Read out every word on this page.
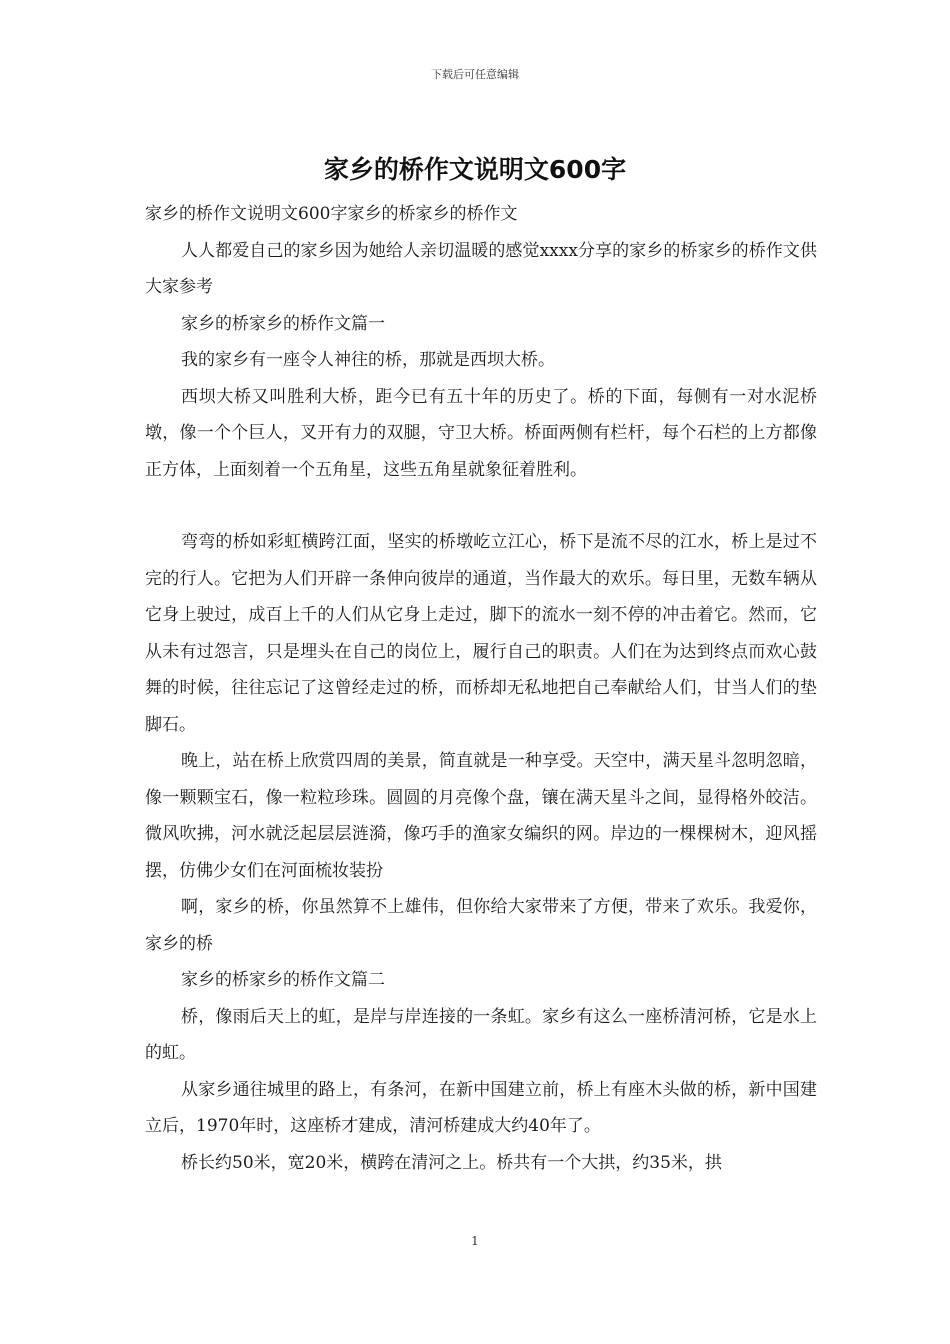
下载后可任意编辑
家乡的桥作文说明文600字

家乡的桥作文说明文600字家乡的桥家乡的桥作文

人人都爱自己的家乡因为她给人亲切温暖的感觉xxxx分享的家乡的桥家乡的桥作文供大家参考

家乡的桥家乡的桥作文篇一

我的家乡有一座令人神往的桥，那就是西坝大桥。

西坝大桥又叫胜利大桥，距今已有五十年的历史了。桥的下面，每侧有一对水泥桥墩，像一个个巨人，叉开有力的双腿，守卫大桥。桥面两侧有栏杆，每个石栏的上方都像正方体，上面刻着一个五角星，这些五角星就象征着胜利。

弯弯的桥如彩虹横跨江面，坚实的桥墩屹立江心，桥下是流不尽的江水，桥上是过不完的行人。它把为人们开辟一条伸向彼岸的通道，当作最大的欢乐。每日里，无数车辆从它身上驶过，成百上千的人们从它身上走过，脚下的流水一刻不停的冲击着它。然而，它从未有过怨言，只是埋头在自己的岗位上，履行自己的职责。人们在为达到终点而欢心鼓舞的时候，往往忘记了这曾经走过的桥，而桥却无私地把自己奉献给人们，甘当人们的垫脚石。

晚上，站在桥上欣赏四周的美景，简直就是一种享受。天空中，满天星斗忽明忽暗，像一颗颗宝石，像一粒粒珍珠。圆圆的月亮像个盘，镶在满天星斗之间，显得格外皎洁。微风吹拂，河水就泛起层层涟漪，像巧手的渔家女编织的网。岸边的一棵棵树木，迎风摇摆，仿佛少女们在河面梳妆装扮

啊，家乡的桥，你虽然算不上雄伟，但你给大家带来了方便，带来了欢乐。我爱你，家乡的桥

家乡的桥家乡的桥作文篇二

桥，像雨后天上的虹，是岸与岸连接的一条虹。家乡有这么一座桥清河桥，它是水上的虹。

从家乡通往城里的路上，有条河，在新中国建立前，桥上有座木头做的桥，新中国建立后，1970年时，这座桥才建成，清河桥建成大约40年了。

桥长约50米，宽20米，横跨在清河之上。桥共有一个大拱，约35米，拱

1
